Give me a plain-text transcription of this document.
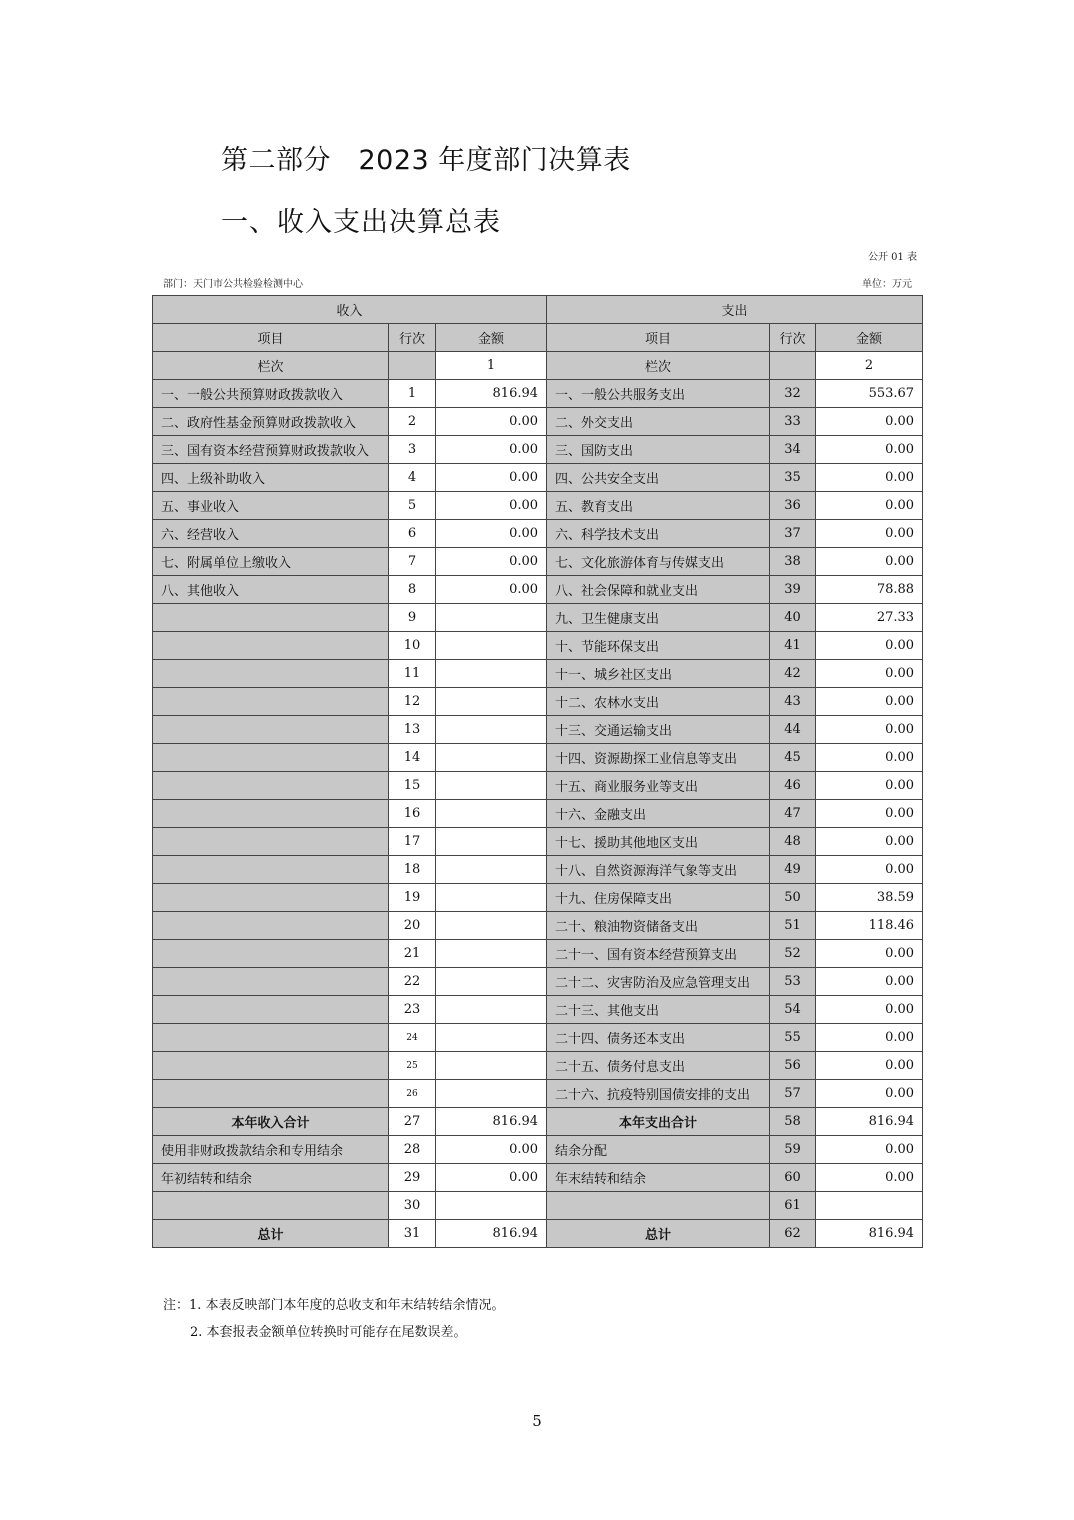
第二部分　2023 年度部门决算表
一、收入支出决算总表
公开 01 表
部门：天门市公共检验检测中心	单位：万元
收入			支出		
项目	行次	金额	项目	行次	金额
栏次		1	栏次		2
一、一般公共预算财政拨款收入	1	816.94	一、一般公共服务支出	32	553.67
二、政府性基金预算财政拨款收入	2	0.00	二、外交支出	33	0.00
三、国有资本经营预算财政拨款收入	3	0.00	三、国防支出	34	0.00
四、上级补助收入	4	0.00	四、公共安全支出	35	0.00
五、事业收入	5	0.00	五、教育支出	36	0.00
六、经营收入	6	0.00	六、科学技术支出	37	0.00
七、附属单位上缴收入	7	0.00	七、文化旅游体育与传媒支出	38	0.00
八、其他收入	8	0.00	八、社会保障和就业支出	39	78.88
	9		九、卫生健康支出	40	27.33
	10		十、节能环保支出	41	0.00
	11		十一、城乡社区支出	42	0.00
	12		十二、农林水支出	43	0.00
	13		十三、交通运输支出	44	0.00
	14		十四、资源勘探工业信息等支出	45	0.00
	15		十五、商业服务业等支出	46	0.00
	16		十六、金融支出	47	0.00
	17		十七、援助其他地区支出	48	0.00
	18		十八、自然资源海洋气象等支出	49	0.00
	19		十九、住房保障支出	50	38.59
	20		二十、粮油物资储备支出	51	118.46
	21		二十一、国有资本经营预算支出	52	0.00
	22		二十二、灾害防治及应急管理支出	53	0.00
	23		二十三、其他支出	54	0.00
	24		二十四、债务还本支出	55	0.00
	25		二十五、债务付息支出	56	0.00
	26		二十六、抗疫特别国债安排的支出	57	0.00
本年收入合计	27	816.94	本年支出合计	58	816.94
使用非财政拨款结余和专用结余	28	0.00	结余分配	59	0.00
年初结转和结余	29	0.00	年末结转和结余	60	0.00
	30			61	
总计	31	816.94	总计	62	816.94
注：1. 本表反映部门本年度的总收支和年末结转结余情况。
2. 本套报表金额单位转换时可能存在尾数误差。
5
